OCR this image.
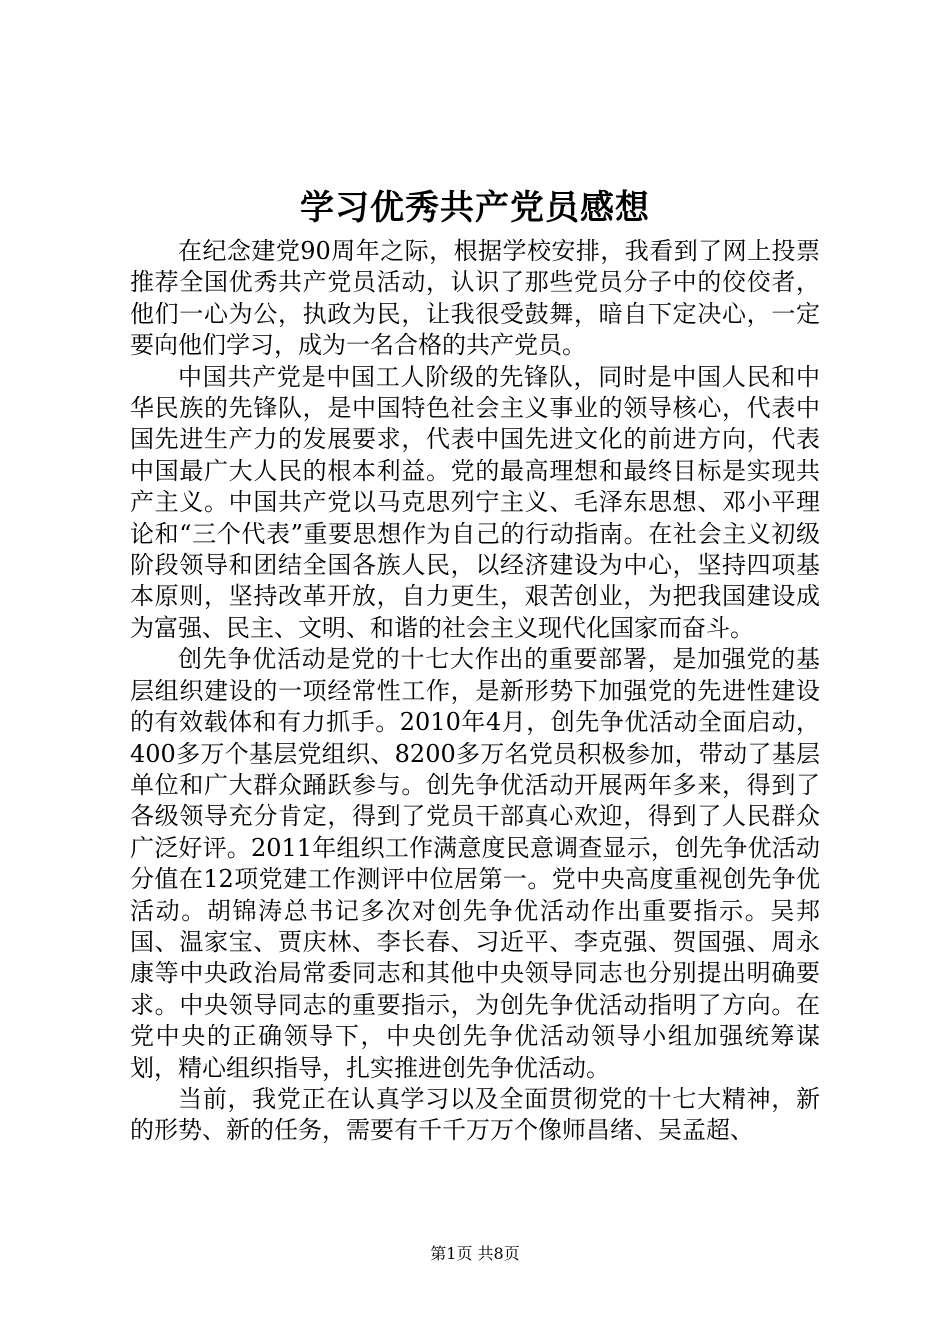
学习优秀共产党员感想

在纪念建党90周年之际，根据学校安排，我看到了网上投票推荐全国优秀共产党员活动，认识了那些党员分子中的佼佼者，他们一心为公，执政为民，让我很受鼓舞，暗自下定决心，一定要向他们学习，成为一名合格的共产党员。

中国共产党是中国工人阶级的先锋队，同时是中国人民和中华民族的先锋队，是中国特色社会主义事业的领导核心，代表中国先进生产力的发展要求，代表中国先进文化的前进方向，代表中国最广大人民的根本利益。党的最高理想和最终目标是实现共产主义。中国共产党以马克思列宁主义、毛泽东思想、邓小平理论和“三个代表”重要思想作为自己的行动指南。在社会主义初级阶段领导和团结全国各族人民，以经济建设为中心，坚持四项基本原则，坚持改革开放，自力更生，艰苦创业，为把我国建设成为富强、民主、文明、和谐的社会主义现代化国家而奋斗。

创先争优活动是党的十七大作出的重要部署，是加强党的基层组织建设的一项经常性工作，是新形势下加强党的先进性建设的有效载体和有力抓手。2010年4月，创先争优活动全面启动，400多万个基层党组织、8200多万名党员积极参加，带动了基层单位和广大群众踊跃参与。创先争优活动开展两年多来，得到了各级领导充分肯定，得到了党员干部真心欢迎，得到了人民群众广泛好评。2011年组织工作满意度民意调查显示，创先争优活动分值在12项党建工作测评中位居第一。党中央高度重视创先争优活动。胡锦涛总书记多次对创先争优活动作出重要指示。吴邦国、温家宝、贾庆林、李长春、习近平、李克强、贺国强、周永康等中央政治局常委同志和其他中央领导同志也分别提出明确要求。中央领导同志的重要指示，为创先争优活动指明了方向。在党中央的正确领导下，中央创先争优活动领导小组加强统筹谋划，精心组织指导，扎实推进创先争优活动。

当前，我党正在认真学习以及全面贯彻党的十七大精神，新的形势、新的任务，需要有千千万万个像师昌绪、吴孟超、

第1页 共8页
